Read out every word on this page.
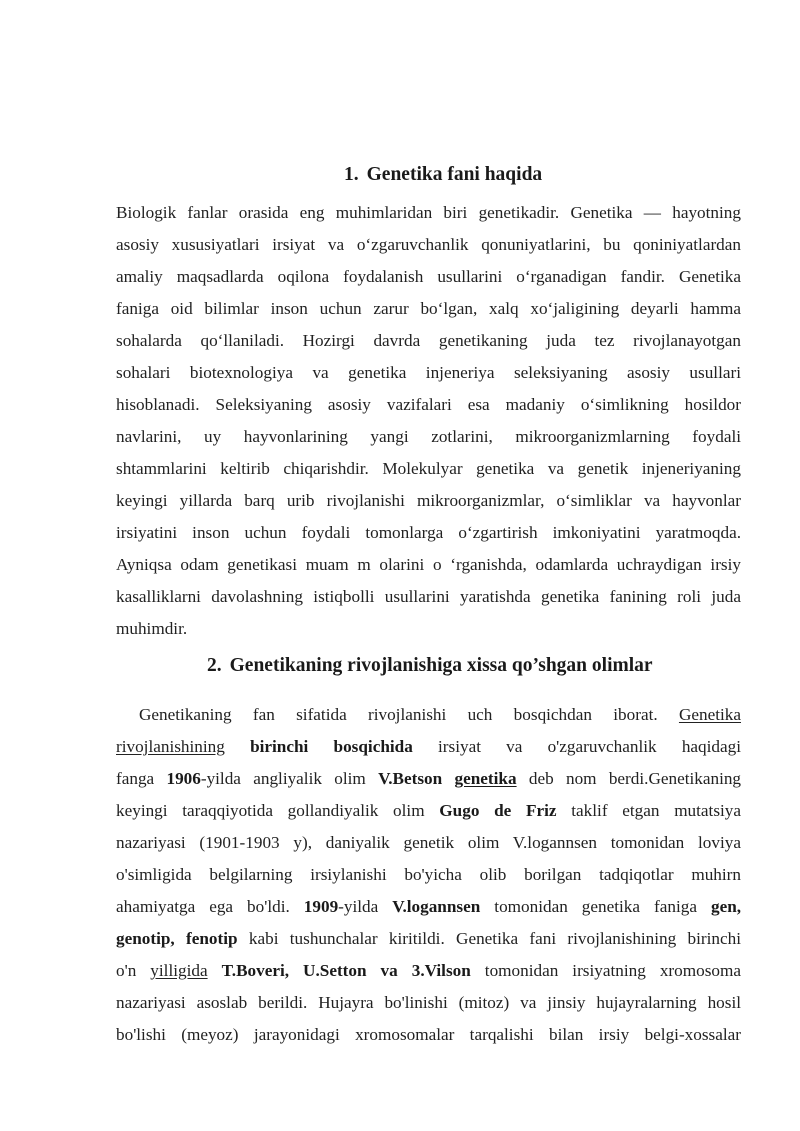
1. Genetika fani haqida
Biologik fanlar orasida eng muhimlaridan biri genetikadir. Genetika — hayotning
asosiy xususiyatlari irsiyat va oʻzgaruvchanlik qonuniyatlarini, bu qoniniyatlardan
amaliy maqsadlarda oqilona foydalanish usullarini oʻrganadigan fandir. Genetika
faniga oid bilimlar inson uchun zarur boʻlgan, xalq xoʻjaligining deyarli hamma
sohalarda qoʻllaniladi. Hozirgi davrda genetikaning juda tez rivojlanayotgan
sohalari biotexnologiya va genetika injeneriya seleksiyaning asosiy usullari
hisoblanadi. Seleksiyaning asosiy vazifalari esa madaniy oʻsimlikning hosildor
navlarini, uy hayvonlarining yangi zotlarini, mikroorganizmlarning foydali
shtammlarini keltirib chiqarishdir. Molekulyar genetika va genetik injeneriyaning
keyingi yillarda barq urib rivojlanishi mikroorganizmlar, oʻsimliklar va hayvonlar
irsiyatini inson uchun foydali tomonlarga oʻzgartirish imkoniyatini yaratmoqda.
Ayniqsa odam genetikasi muam m olarini o ‘rganishda, odamlarda uchraydigan irsiy
kasalliklarni davolashning istiqbolli usullarini yaratishda genetika fanining roli juda
muhimdir.
2. Genetikaning rivojlanishiga xissa qo’shgan olimlar
Genetikaning fan sifatida rivojlanishi uch bosqichdan iborat. Genetika
rivojlanishining birinchi bosqichida irsiyat va o'zgaruvchanlik haqidagi
fanga 1906-yilda angliyalik olim V.Betson genetika deb nom berdi.Genetikaning
keyingi taraqqiyotida gollandiyalik olim Gugo de Friz taklif etgan mutatsiya
nazariyasi (1901-1903 y), daniyalik genetik olim V.logannsen tomonidan loviya
o'simligida belgilarning irsiylanishi bo'yicha olib borilgan tadqiqotlar muhirn
ahamiyatga ega bo'ldi. 1909-yilda V.logannsen tomonidan genetika faniga gen,
genotip, fenotip kabi tushunchalar kiritildi. Genetika fani rivojlanishining birinchi
o'n yilligida T.Boveri, U.Setton va 3.Vilson tomonidan irsiyatning xromosoma
nazariyasi asoslab berildi. Hujayra bo'linishi (mitoz) va jinsiy hujayralarning hosil
bo'lishi (meyoz) jarayonidagi xromosomalar tarqalishi bilan irsiy belgi-xossalar
